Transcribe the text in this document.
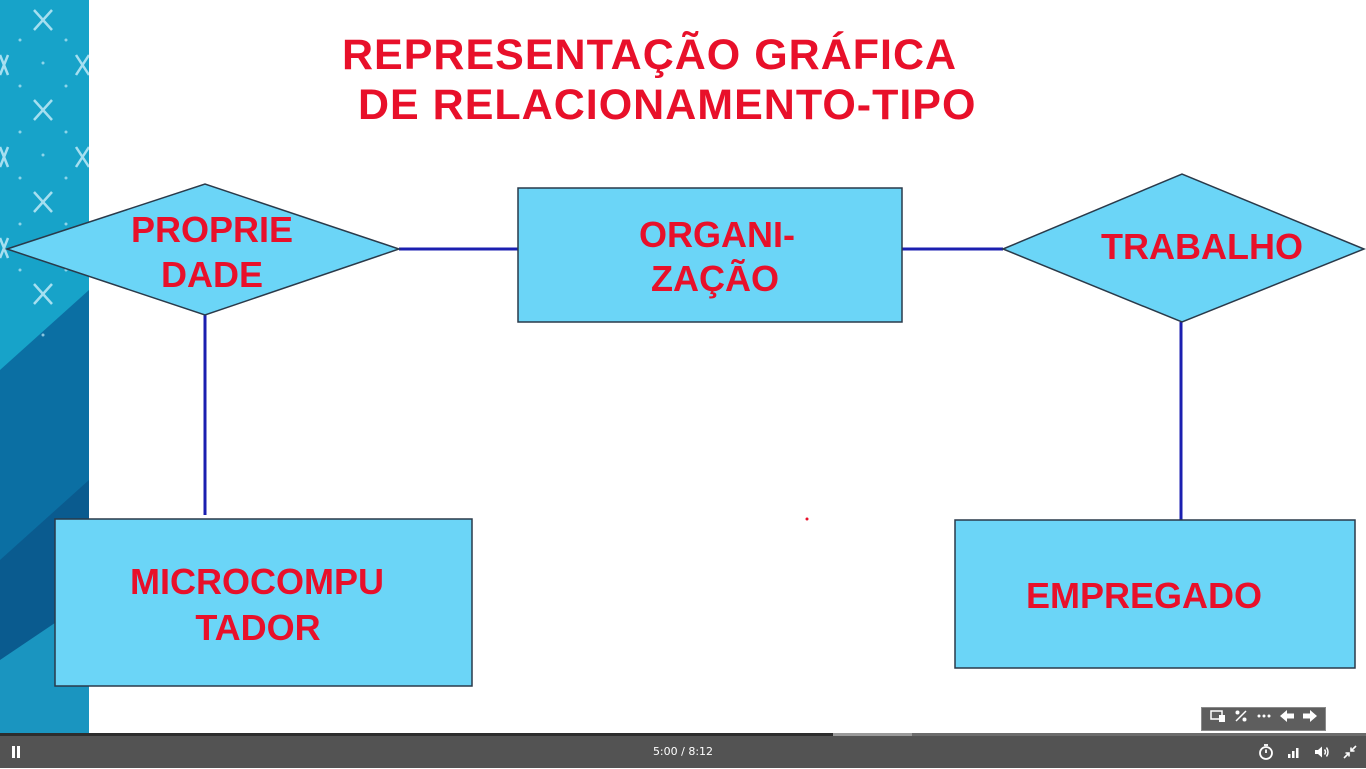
REPRESENTAÇÃO GRÁFICA
DE RELACIONAMENTO-TIPO
PROPRIE
DADE
TRABALHO
ORGANI-
ZAÇÃO
MICROCOMPU
TADOR
EMPREGADO
5:00 / 8:12
